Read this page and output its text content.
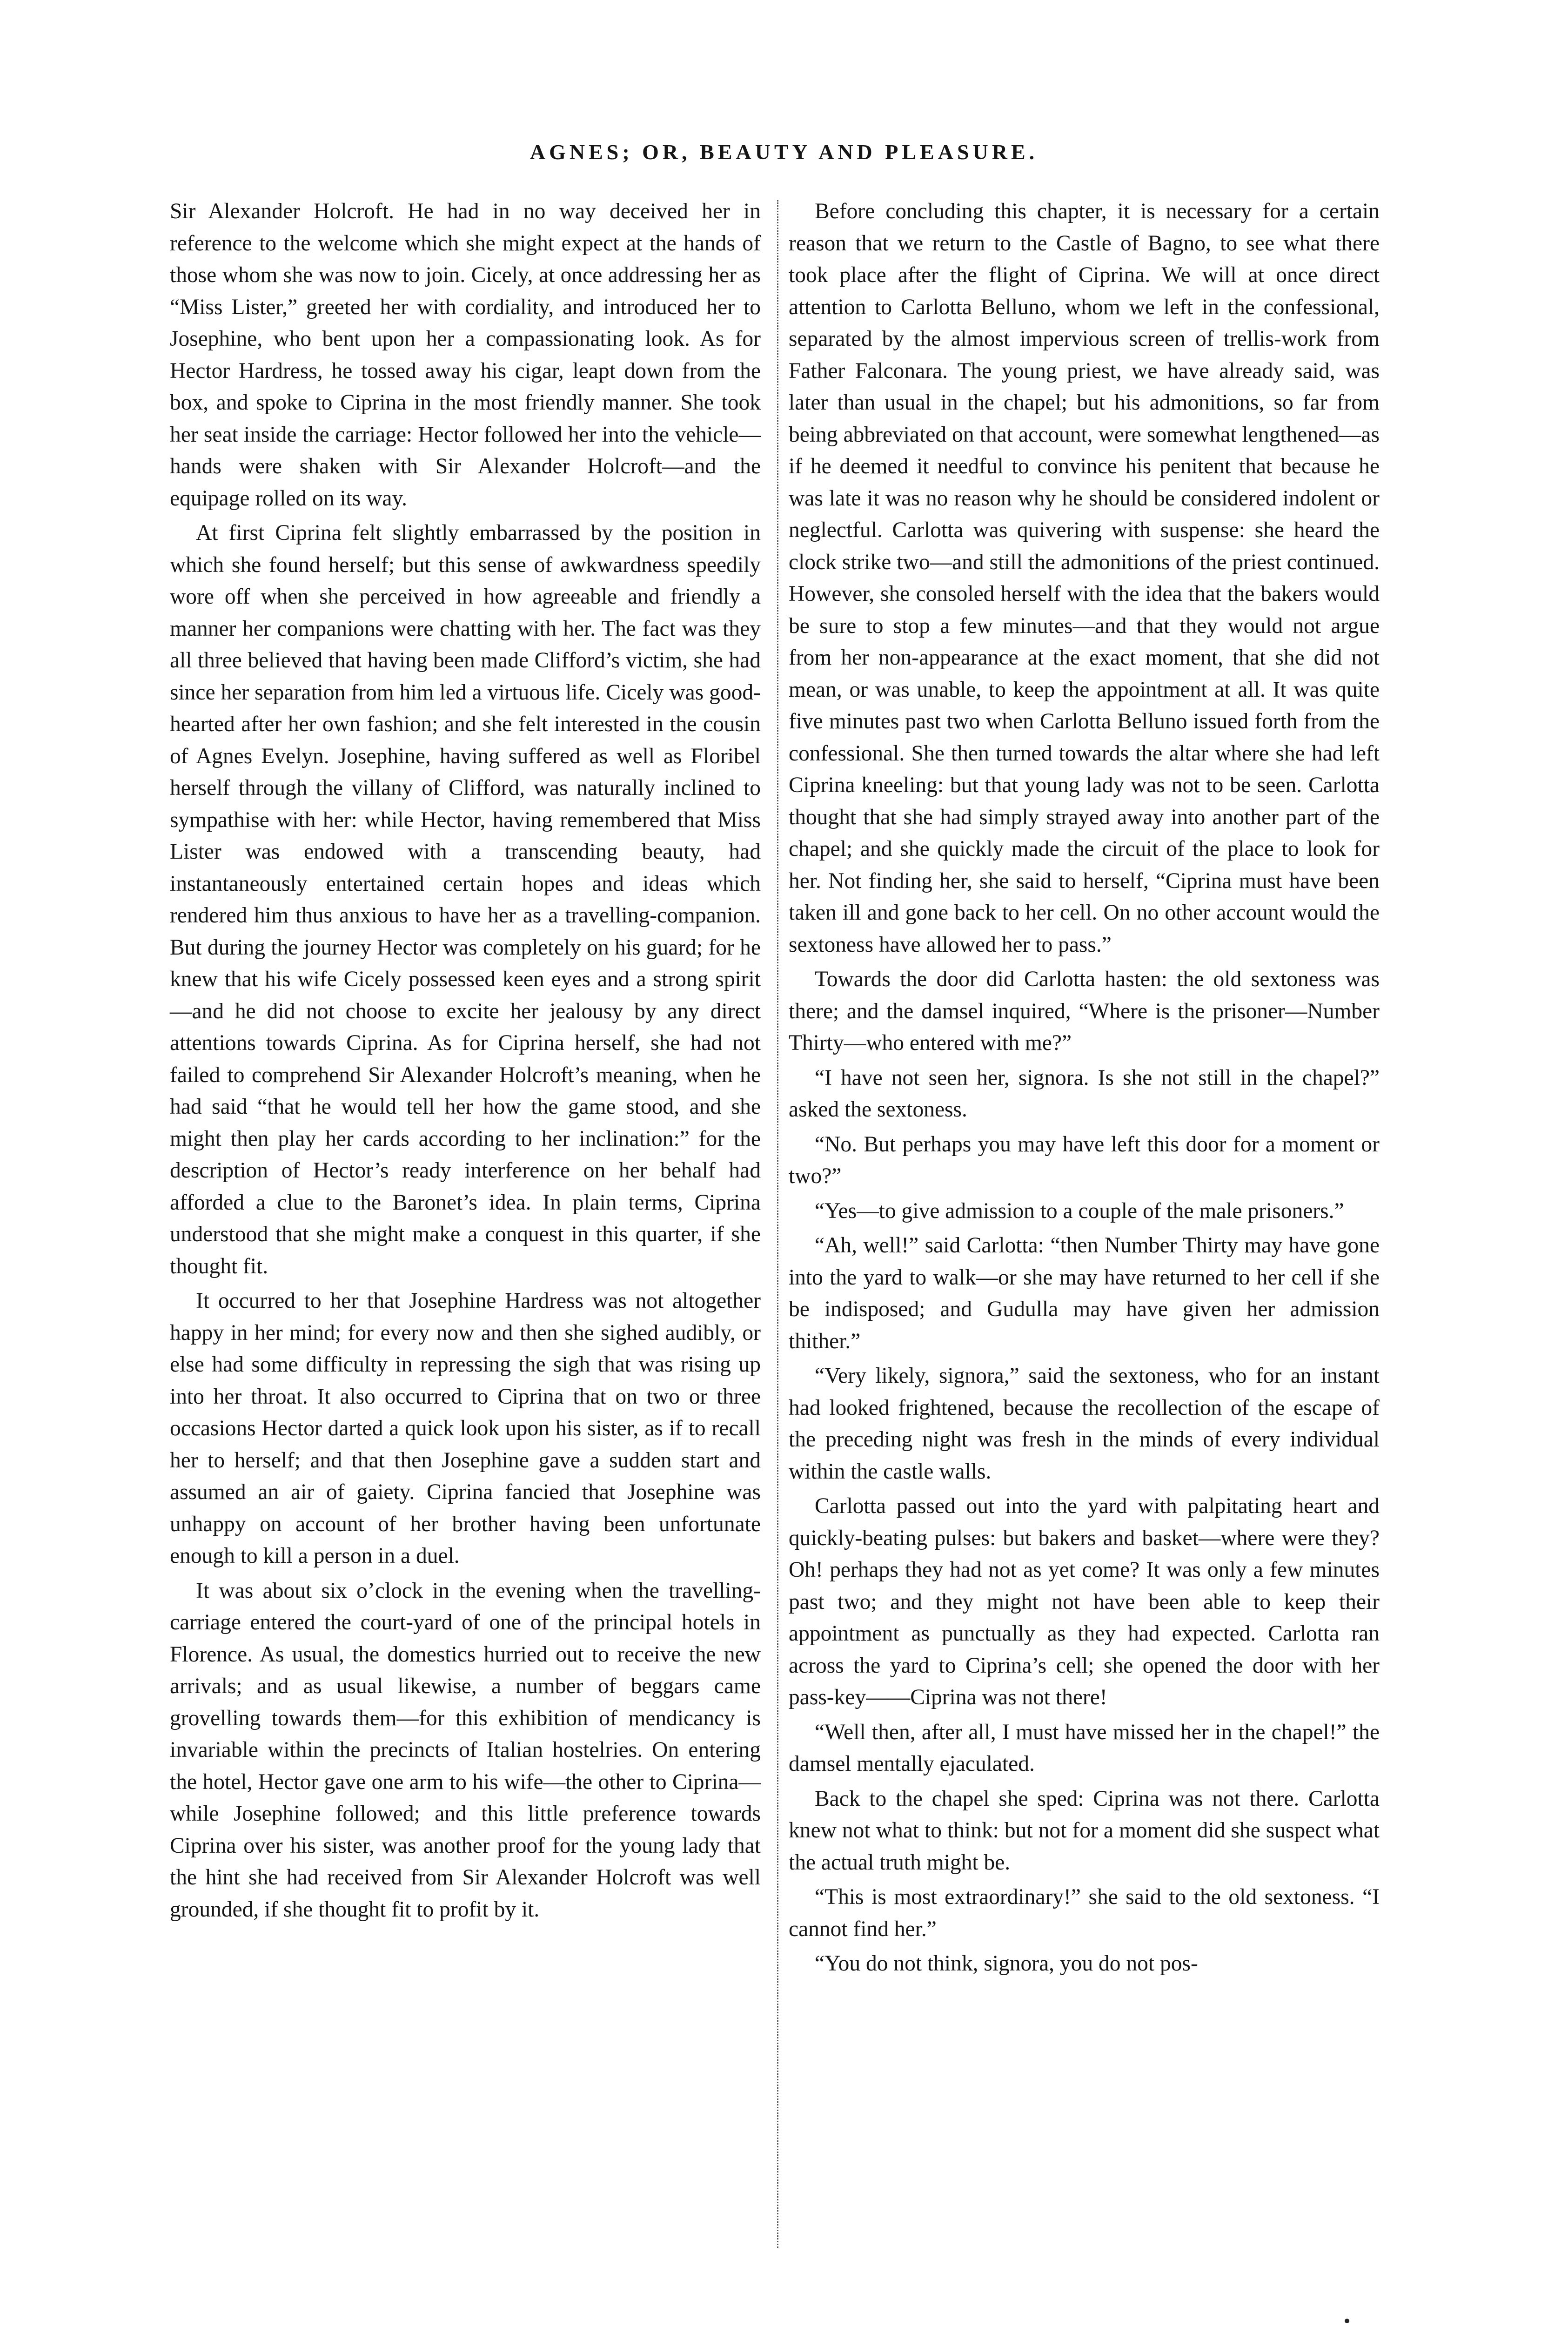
AGNES; OR, BEAUTY AND PLEASURE.

Sir Alexander Holcroft. He had in no way deceived her in reference to the welcome which she might expect at the hands of those whom she was now to join. Cicely, at once addressing her as “Miss Lister,” greeted her with cordiality, and introduced her to Josephine, who bent upon her a compassionating look. As for Hector Hardress, he tossed away his cigar, leapt down from the box, and spoke to Ciprina in the most friendly manner. She took her seat inside the carriage: Hector followed her into the vehicle—hands were shaken with Sir Alexander Holcroft—and the equipage rolled on its way.

At first Ciprina felt slightly embarrassed by the position in which she found herself; but this sense of awkwardness speedily wore off when she perceived in how agreeable and friendly a manner her companions were chatting with her. The fact was they all three believed that having been made Clifford’s victim, she had since her separation from him led a virtuous life. Cicely was good-hearted after her own fashion; and she felt interested in the cousin of Agnes Evelyn. Josephine, having suffered as well as Floribel herself through the villany of Clifford, was naturally inclined to sympathise with her: while Hector, having remembered that Miss Lister was endowed with a transcending beauty, had instantaneously entertained certain hopes and ideas which rendered him thus anxious to have her as a travelling-companion. But during the journey Hector was completely on his guard; for he knew that his wife Cicely possessed keen eyes and a strong spirit—and he did not choose to excite her jealousy by any direct attentions towards Ciprina. As for Ciprina herself, she had not failed to comprehend Sir Alexander Holcroft’s meaning, when he had said “that he would tell her how the game stood, and she might then play her cards according to her inclination:” for the description of Hector’s ready interference on her behalf had afforded a clue to the Baronet’s idea. In plain terms, Ciprina understood that she might make a conquest in this quarter, if she thought fit.

It occurred to her that Josephine Hardress was not altogether happy in her mind; for every now and then she sighed audibly, or else had some difficulty in repressing the sigh that was rising up into her throat. It also occurred to Ciprina that on two or three occasions Hector darted a quick look upon his sister, as if to recall her to herself; and that then Josephine gave a sudden start and assumed an air of gaiety. Ciprina fancied that Josephine was unhappy on account of her brother having been unfortunate enough to kill a person in a duel.

It was about six o’clock in the evening when the travelling-carriage entered the court-yard of one of the principal hotels in Florence. As usual, the domestics hurried out to receive the new arrivals; and as usual likewise, a number of beggars came grovelling towards them—for this exhibition of mendicancy is invariable within the precincts of Italian hostelries. On entering the hotel, Hector gave one arm to his wife—the other to Ciprina—while Josephine followed; and this little preference towards Ciprina over his sister, was another proof for the young lady that the hint she had received from Sir Alexander Holcroft was well grounded, if she thought fit to profit by it.

Before concluding this chapter, it is necessary for a certain reason that we return to the Castle of Bagno, to see what there took place after the flight of Ciprina. We will at once direct attention to Carlotta Belluno, whom we left in the confessional, separated by the almost impervious screen of trellis-work from Father Falconara. The young priest, we have already said, was later than usual in the chapel; but his admonitions, so far from being abbreviated on that account, were somewhat lengthened—as if he deemed it needful to convince his penitent that because he was late it was no reason why he should be considered indolent or neglectful. Carlotta was quivering with suspense: she heard the clock strike two—and still the admonitions of the priest continued. However, she consoled herself with the idea that the bakers would be sure to stop a few minutes—and that they would not argue from her non-appearance at the exact moment, that she did not mean, or was unable, to keep the appointment at all. It was quite five minutes past two when Carlotta Belluno issued forth from the confessional. She then turned towards the altar where she had left Ciprina kneeling: but that young lady was not to be seen. Carlotta thought that she had simply strayed away into another part of the chapel; and she quickly made the circuit of the place to look for her. Not finding her, she said to herself, “Ciprina must have been taken ill and gone back to her cell. On no other account would the sextoness have allowed her to pass.”

Towards the door did Carlotta hasten: the old sextoness was there; and the damsel inquired, “Where is the prisoner—Number Thirty—who entered with me?”

“I have not seen her, signora. Is she not still in the chapel?” asked the sextoness.

“No. But perhaps you may have left this door for a moment or two?”

“Yes—to give admission to a couple of the male prisoners.”

“Ah, well!” said Carlotta: “then Number Thirty may have gone into the yard to walk—or she may have returned to her cell if she be indisposed; and Gudulla may have given her admission thither.”

“Very likely, signora,” said the sextoness, who for an instant had looked frightened, because the recollection of the escape of the preceding night was fresh in the minds of every individual within the castle walls.

Carlotta passed out into the yard with palpitating heart and quickly-beating pulses: but bakers and basket—where were they? Oh! perhaps they had not as yet come? It was only a few minutes past two; and they might not have been able to keep their appointment as punctually as they had expected. Carlotta ran across the yard to Ciprina’s cell; she opened the door with her pass-key——Ciprina was not there!

“Well then, after all, I must have missed her in the chapel!” the damsel mentally ejaculated.

Back to the chapel she sped: Ciprina was not there. Carlotta knew not what to think: but not for a moment did she suspect what the actual truth might be.

“This is most extraordinary!” she said to the old sextoness. “I cannot find her.”

“You do not think, signora, you do not pos-
